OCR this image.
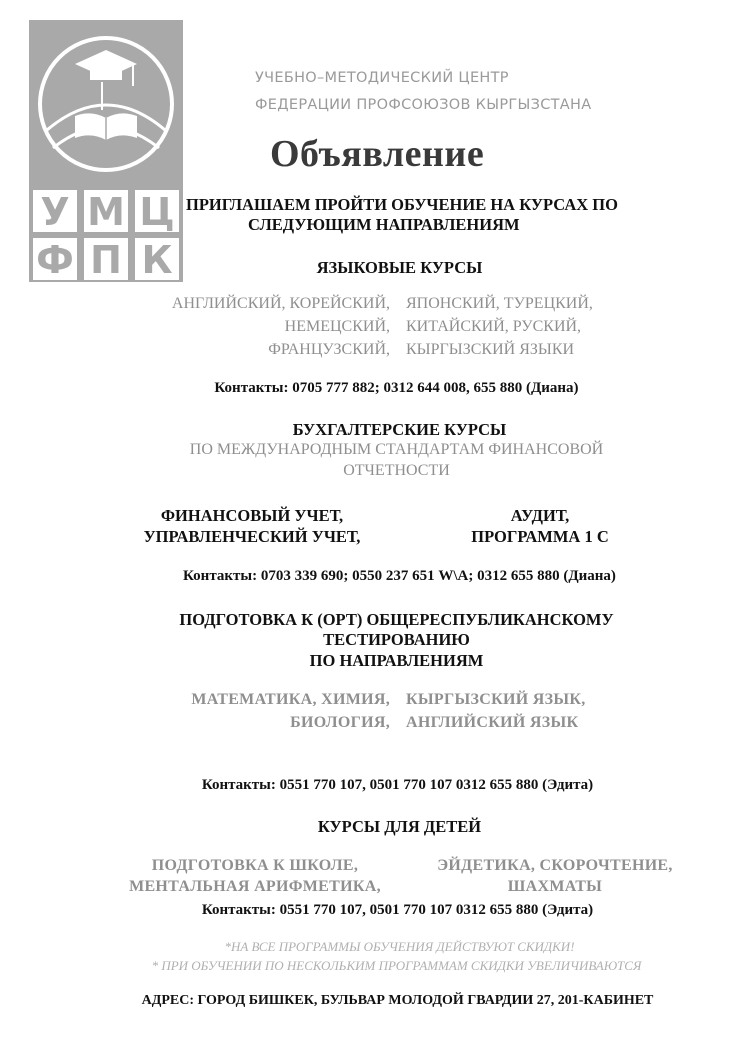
У М Ц
Ф П К
УЧЕБНО–МЕТОДИЧЕСКИЙ ЦЕНТР
ФЕДЕРАЦИИ ПРОФСОЮЗОВ КЫРГЫЗСТАНА
Объявление
ПРИГЛАШАЕМ ПРОЙТИ ОБУЧЕНИЕ НА КУРСАХ ПО
СЛЕДУЮЩИМ НАПРАВЛЕНИЯМ
ЯЗЫКОВЫЕ КУРСЫ
АНГЛИЙСКИЙ, КОРЕЙСКИЙ,
НЕМЕЦСКИЙ,
ФРАНЦУЗСКИЙ,
ЯПОНСКИЙ, ТУРЕЦКИЙ,
КИТАЙСКИЙ, РУСКИЙ,
КЫРГЫЗСКИЙ ЯЗЫКИ
Контакты: 0705 777 882; 0312 644 008, 655 880 (Диана)
БУХГАЛТЕРСКИЕ КУРСЫ
ПО МЕЖДУНАРОДНЫМ СТАНДАРТАМ ФИНАНСОВОЙ
ОТЧЕТНОСТИ
ФИНАНСОВЫЙ УЧЕТ,
УПРАВЛЕНЧЕСКИЙ УЧЕТ,
АУДИТ,
ПРОГРАММА 1 С
Контакты: 0703 339 690; 0550 237 651 W\A; 0312 655 880 (Диана)
ПОДГОТОВКА К (ОРТ) ОБЩЕРЕСПУБЛИКАНСКОМУ
ТЕСТИРОВАНИЮ
ПО НАПРАВЛЕНИЯМ
МАТЕМАТИКА, ХИМИЯ,
БИОЛОГИЯ,
КЫРГЫЗСКИЙ ЯЗЫК,
АНГЛИЙСКИЙ ЯЗЫК
Контакты: 0551 770 107, 0501 770 107 0312 655 880 (Эдита)
КУРСЫ ДЛЯ ДЕТЕЙ
ПОДГОТОВКА К ШКОЛЕ,
МЕНТАЛЬНАЯ АРИФМЕТИКА,
ЭЙДЕТИКА, СКОРОЧТЕНИЕ,
ШАХМАТЫ
Контакты: 0551 770 107, 0501 770 107 0312 655 880 (Эдита)
*НА ВСЕ ПРОГРАММЫ ОБУЧЕНИЯ ДЕЙСТВУЮТ СКИДКИ!
* ПРИ ОБУЧЕНИИ ПО НЕСКОЛЬКИМ ПРОГРАММАМ СКИДКИ УВЕЛИЧИВАЮТСЯ
АДРЕС: ГОРОД БИШКЕК, БУЛЬВАР МОЛОДОЙ ГВАРДИИ 27, 201-КАБИНЕТ
